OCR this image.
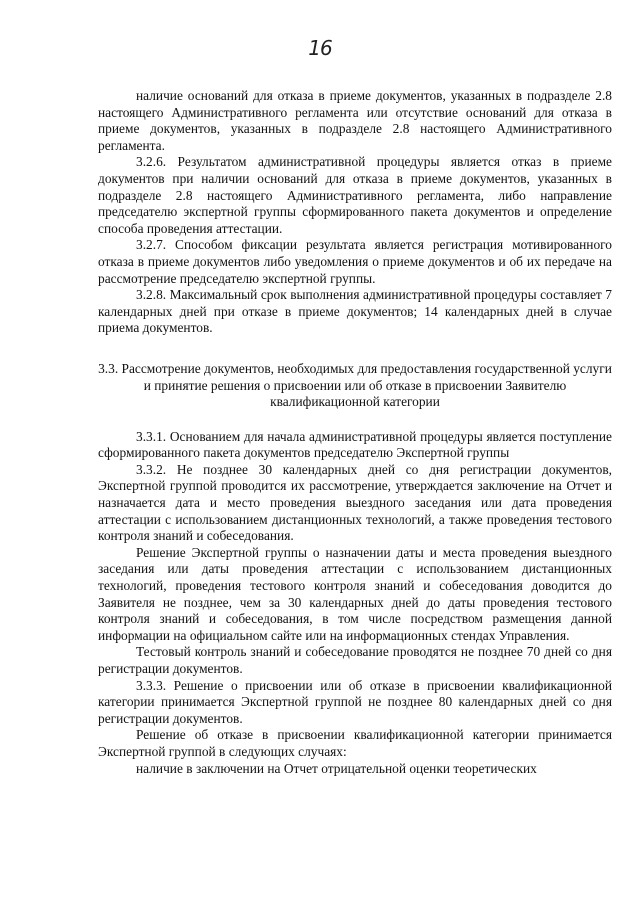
16

наличие оснований для отказа в приеме документов, указанных в подразделе 2.8 настоящего Административного регламента или отсутствие оснований для отказа в приеме документов, указанных в подразделе 2.8 настоящего Административного регламента.

3.2.6. Результатом административной процедуры является отказ в приеме документов при наличии оснований для отказа в приеме документов, указанных в подразделе 2.8 настоящего Административного регламента, либо направление председателю экспертной группы сформированного пакета документов и определение способа проведения аттестации.

3.2.7. Способом фиксации результата является регистрация мотивированного отказа в приеме документов либо уведомления о приеме документов и об их передаче на рассмотрение председателю экспертной группы.

3.2.8. Максимальный срок выполнения административной процедуры составляет 7 календарных дней при отказе в приеме документов; 14 календарных дней в случае приема документов.

3.3. Рассмотрение документов, необходимых для предоставления государственной услуги и принятие решения о присвоении или об отказе в присвоении Заявителю квалификационной категории

3.3.1. Основанием для начала административной процедуры является поступление сформированного пакета документов председателю Экспертной группы

3.3.2. Не позднее 30 календарных дней со дня регистрации документов, Экспертной группой проводится их рассмотрение, утверждается заключение на Отчет и назначается дата и место проведения выездного заседания или дата проведения аттестации с использованием дистанционных технологий, а также проведения тестового контроля знаний и собеседования.

Решение Экспертной группы о назначении даты и места проведения выездного заседания или даты проведения аттестации с использованием дистанционных технологий, проведения тестового контроля знаний и собеседования доводится до Заявителя не позднее, чем за 30 календарных дней до даты проведения тестового контроля знаний и собеседования, в том числе посредством размещения данной информации на официальном сайте или на информационных стендах Управления.

Тестовый контроль знаний и собеседование проводятся не позднее 70 дней со дня регистрации документов.

3.3.3. Решение о присвоении или об отказе в присвоении квалификационной категории принимается Экспертной группой не позднее 80 календарных дней со дня регистрации документов.

Решение об отказе в присвоении квалификационной категории принимается Экспертной группой в следующих случаях:

наличие в заключении на Отчет отрицательной оценки теоретических
